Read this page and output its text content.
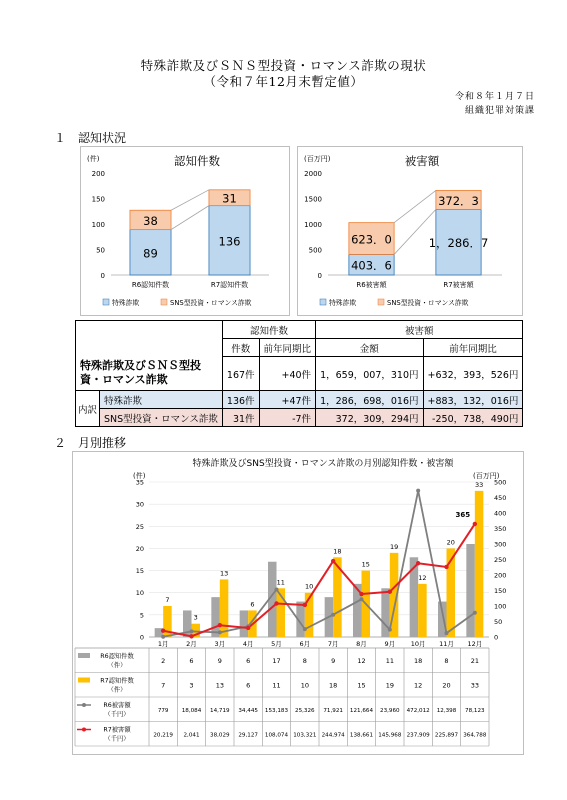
特殊詐欺及びＳＮＳ型投資・ロマンス詐欺の現状
（令和７年12月末暫定値）
令和８年１月７日
組織犯罪対策課
１　認知状況
(件)	認知件数
0
50
100
150
200
89
38
R6認知件数
136
31
R7認知件数
特殊詐欺	SNS型投資・ロマンス詐欺
(百万円)	被害額
0
500
1000
1500
2000
403．6
623．0
R6被害額
1，286．7
372．3
R7被害額
特殊詐欺	SNS型投資・ロマンス詐欺
		認知件数		被害額	
		件数	前年同期比	金額	前年同期比
特殊詐欺及びＳＮＳ型投資・ロマンス詐欺		167件	+40件	1，659，007，310円	+632，393，526円
内訳	特殊詐欺	136件	+47件	1，286，698，016円	+883，132，016円
	SNS型投資・ロマンス詐欺	31件	-7件	372，309，294円	-250，738，490円
２　月別推移
特殊詐欺及びSNS型投資・ロマンス詐欺の月別認知件数・被害額
(件)	(百万円)
0
5
10
15
20
25
30
35
0
50
100
150
200
250
300
350
400
450
500
7
1月
3
2月
13
3月
6
4月
11
5月
10
6月
18
7月
15
8月
19
9月
12
10月
20
11月
33
12月
365
R6認知件数
（件）
2	6	9	6	17	8	9	12	11	18	8	21
R7認知件数
（件）
7	3	13	6	11	10	18	15	19	12	20	33
R6被害額
（千円）	779 18,084 14,719 34,445 153,183 25,326 71,921 121,664 23,960 472,012 12,398 78,123
R7被害額
（千円）	20,219 2,041 38,029 29,127 108,074 103,321 244,974 138,661 145,968 237,909 225,897 364,788
